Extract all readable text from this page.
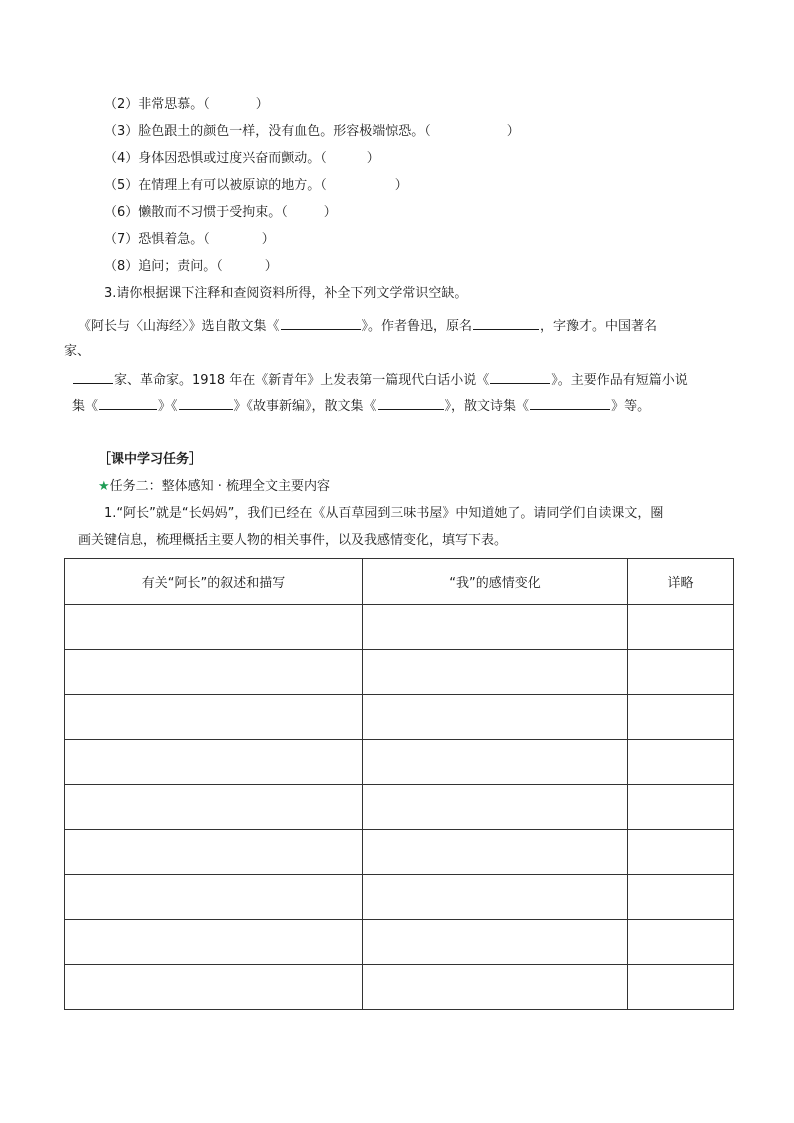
（2）非常思慕。（	）
（3）脸色跟土的颜色一样，没有血色。形容极端惊恐。（	）
（4）身体因恐惧或过度兴奋而颤动。（	）
（5）在情理上有可以被原谅的地方。（	）
（6）懒散而不习惯于受拘束。（	）
（7）恐惧着急。（	）
（8）追问；责问。（	）
3.请你根据课下注释和查阅资料所得，补全下列文学常识空缺。
《阿长与〈山海经〉》选自散文集《	》。作者鲁迅，原名	，字豫才。中国著名
家、
家、革命家。1918 年在《新青年》上发表第一篇现代白话小说《	》。主要作品有短篇小说
集《	》《	》《故事新编》，散文集《	》，散文诗集《	》等。
［课中学习任务］
★任务二：整体感知 · 梳理全文主要内容
1.“阿长”就是“长妈妈”，我们已经在《从百草园到三味书屋》中知道她了。请同学们自读课文，圈
画关键信息，梳理概括主要人物的相关事件，以及我感情变化，填写下表。
有关“阿长”的叙述和描写	“我”的感情变化	详略
